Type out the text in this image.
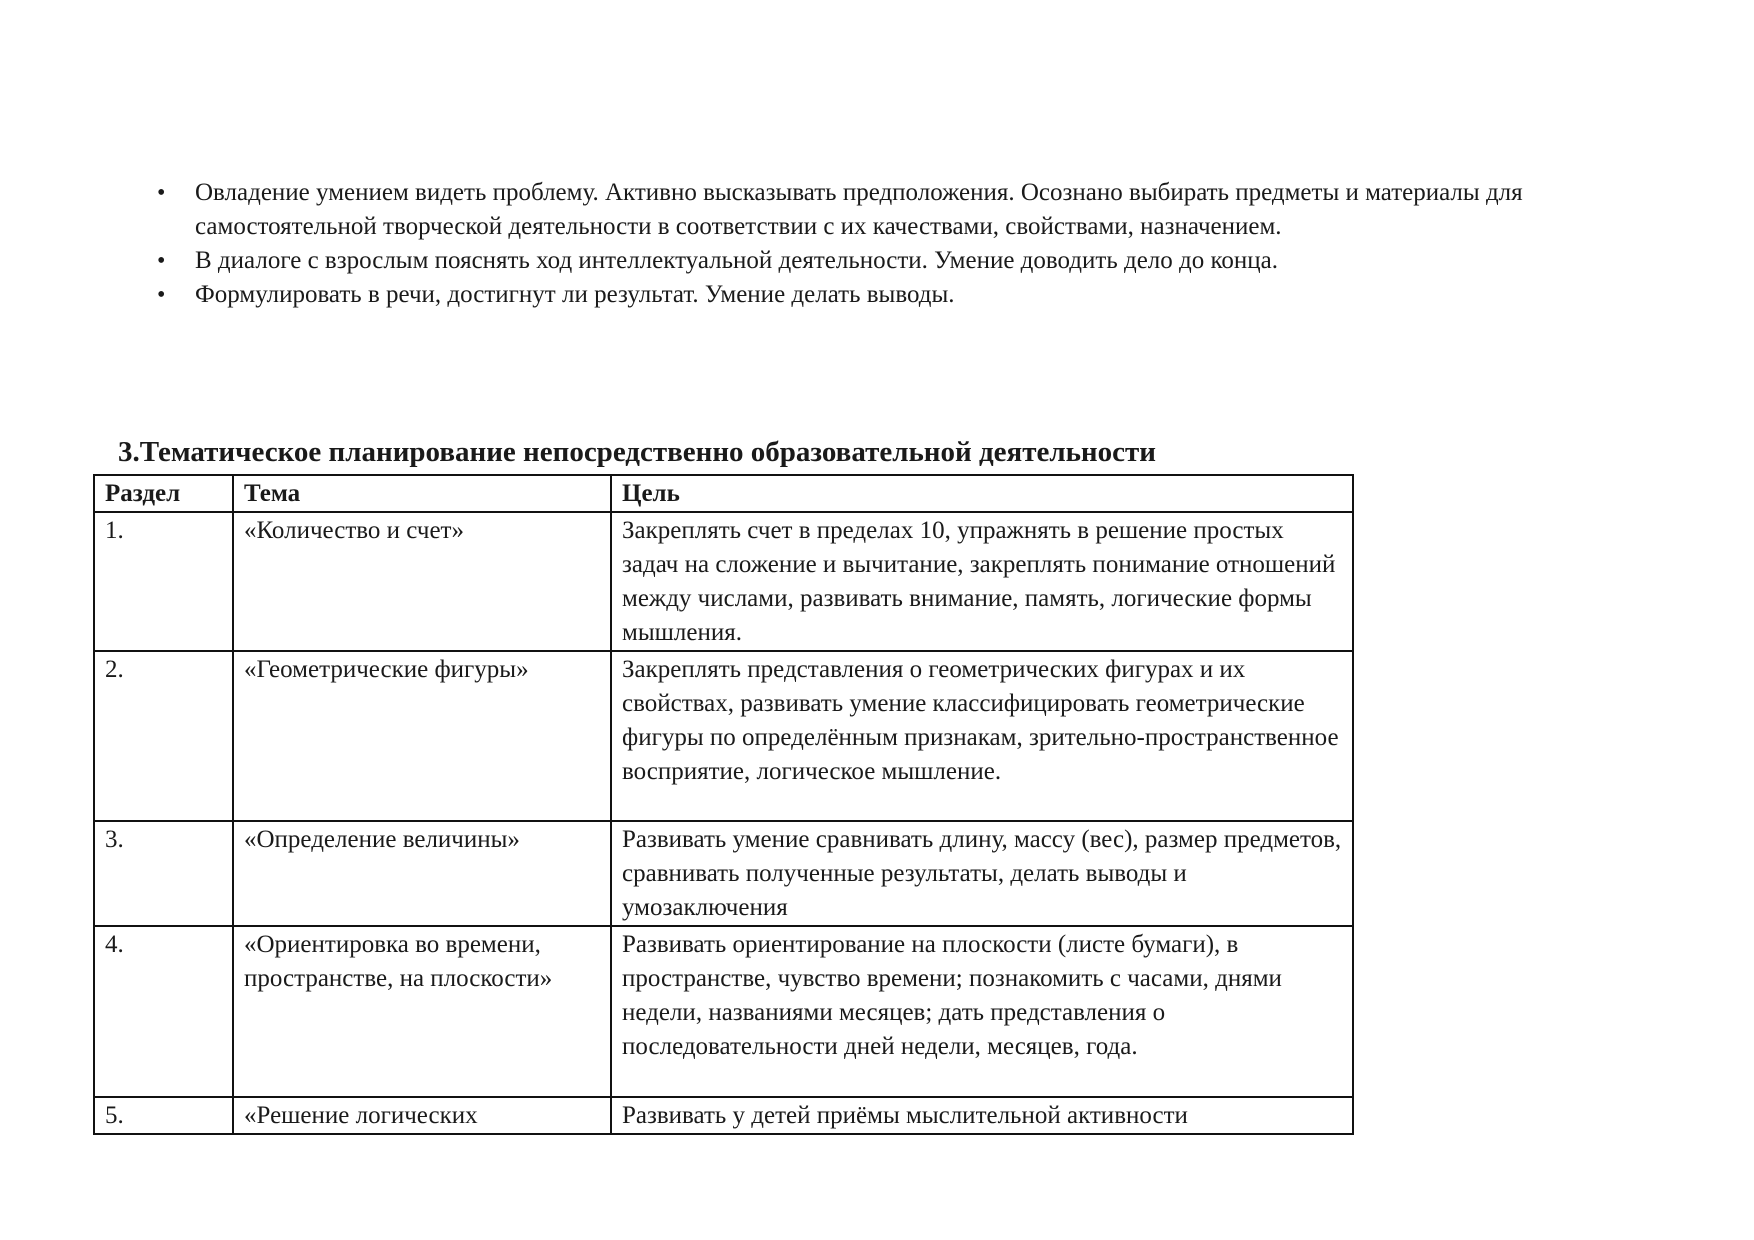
• Овладение умением видеть проблему. Активно высказывать предположения. Осознано выбирать предметы и материалы для самостоятельной творческой деятельности в соответствии с их качествами, свойствами, назначением.
• В диалоге с взрослым пояснять ход интеллектуальной деятельности. Умение доводить дело до конца.
• Формулировать в речи, достигнут ли результат. Умение делать выводы.
3.Тематическое планирование непосредственно образовательной деятельности
Раздел	Тема	Цель
1.	«Количество и счет»	Закреплять счет в пределах 10, упражнять в решение простых задач на сложение и вычитание, закреплять понимание отношений между числами, развивать внимание, память, логические формы мышления.
2.	«Геометрические фигуры»	Закреплять представления о геометрических фигурах и их свойствах, развивать умение классифицировать геометрические фигуры по определённым признакам, зрительно-пространственное восприятие, логическое мышление.
3.	«Определение величины»	Развивать умение сравнивать длину, массу (вес), размер предметов, сравнивать полученные результаты, делать выводы и умозаключения
4.	«Ориентировка во времени, пространстве, на плоскости»	Развивать ориентирование на плоскости (листе бумаги), в пространстве, чувство времени; познакомить с часами, днями недели, названиями месяцев; дать представления о последовательности дней недели, месяцев, года.
5.	«Решение логических	Развивать у детей приёмы мыслительной активности
